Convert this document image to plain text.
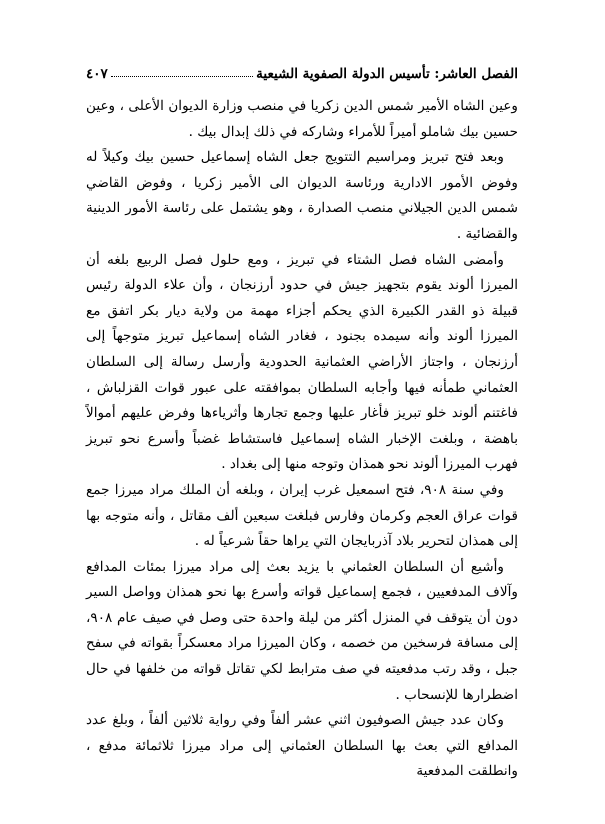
الفصل العاشر: تأسيس الدولة الصفوية الشيعية
٤٠٧

وعين الشاه الأمير شمس الدين زكريا في منصب وزارة الديوان الأعلى ، وعين حسين بيك شاملو أميراً للأمراء وشاركه في ذلك إبدال بيك .

وبعد فتح تبريز ومراسيم التتويج جعل الشاه إسماعيل حسين بيك وكيلاً له وفوض الأمور الادارية ورئاسة الديوان الى الأمير زكريا ، وفوض القاضي شمس الدين الجيلاني منصب الصدارة ، وهو يشتمل على رئاسة الأمور الدينية والقضائية .

وأمضى الشاه فصل الشتاء في تبريز ، ومع حلول فصل الربيع بلغه أن الميرزا ألوند يقوم بتجهيز جيش في حدود أرزنجان ، وأن علاء الدولة رئيس قبيلة ذو القدر الكبيرة الذي يحكم أجزاء مهمة من ولاية ديار بكر اتفق مع الميرزا ألوند وأنه سيمده بجنود ، فغادر الشاه إسماعيل تبريز متوجهاً إلى أرزنجان ، واجتاز الأراضي العثمانية الحدودية وأرسل رسالة إلى السلطان العثماني طمأنه فيها وأجابه السلطان بموافقته على عبور قوات القزلباش ، فاغتنم ألوند خلو تبريز فأغار عليها وجمع تجارها وأثرياءها وفرض عليهم أموالاً باهضة ، وبلغت الإخبار الشاه إسماعيل فاستشاط غضباً وأسرع نحو تبريز فهرب الميرزا ألوند نحو همذان وتوجه منها إلى بغداد .

وفي سنة ٩٠٨، فتح اسمعيل غرب إيران ، وبلغه أن الملك مراد ميرزا جمع قوات عراق العجم وكرمان وفارس فبلغت سبعين ألف مقاتل ، وأنه متوجه بها إلى همذان لتحرير بلاد آذربايجان التي يراها حقاً شرعياً له .

وأشيع أن السلطان العثماني با يزيد بعث إلى مراد ميرزا بمئات المدافع وآلاف المدفعيين ، فجمع إسماعيل قواته وأسرع بها نحو همذان وواصل السير دون أن يتوقف في المنزل أكثر من ليلة واحدة حتى وصل في صيف عام ٩٠٨، إلى مسافة فرسخين من خصمه ، وكان الميرزا مراد معسكراً بقواته في سفح جبل ، وقد رتب مدفعيته في صف مترابط لكي تقاتل قواته من خلفها في حال اضطرارها للإنسحاب .

وكان عدد جيش الصوفيون اثني عشر ألفاً وفي رواية ثلاثين ألفاً ، وبلغ عدد المدافع التي بعث بها السلطان العثماني إلى مراد ميرزا ثلاثمائة مدفع ، وانطلقت المدفعية
